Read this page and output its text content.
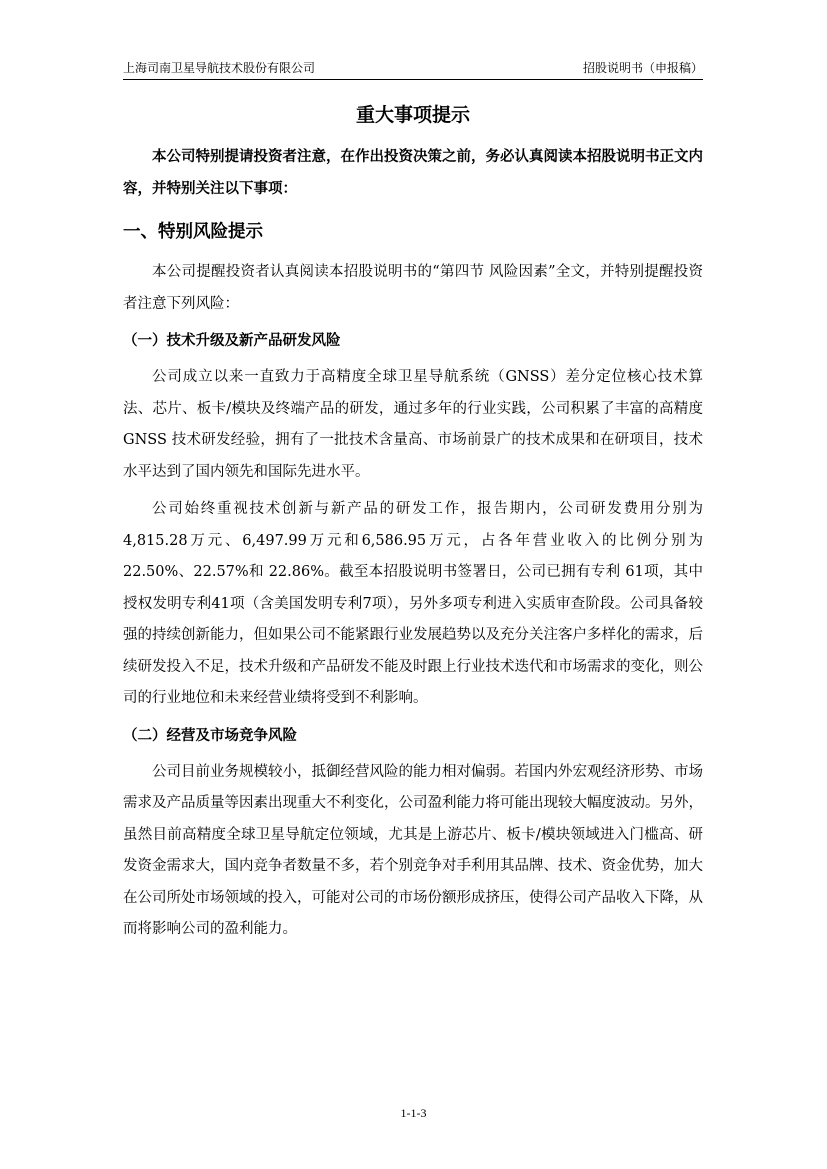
上海司南卫星导航技术股份有限公司	招股说明书（申报稿）
重大事项提示

本公司特别提请投资者注意，在作出投资决策之前，务必认真阅读本招股说明书正文内容，并特别关注以下事项：

一、特别风险提示

本公司提醒投资者认真阅读本招股说明书的“第四节 风险因素”全文，并特别提醒投资者注意下列风险：

（一）技术升级及新产品研发风险

公司成立以来一直致力于高精度全球卫星导航系统（GNSS）差分定位核心技术算法、芯片、板卡/模块及终端产品的研发，通过多年的行业实践，公司积累了丰富的高精度 GNSS 技术研发经验，拥有了一批技术含量高、市场前景广的技术成果和在研项目，技术水平达到了国内领先和国际先进水平。

公司始终重视技术创新与新产品的研发工作，报告期内，公司研发费用分别为4,815.28万元、6,497.99万元和6,586.95万元，占各年营业收入的比例分别为 22.50%、22.57%和 22.86%。截至本招股说明书签署日，公司已拥有专利 61项，其中授权发明专利41项（含美国发明专利7项），另外多项专利进入实质审查阶段。公司具备较强的持续创新能力，但如果公司不能紧跟行业发展趋势以及充分关注客户多样化的需求，后续研发投入不足，技术升级和产品研发不能及时跟上行业技术迭代和市场需求的变化，则公司的行业地位和未来经营业绩将受到不利影响。

（二）经营及市场竞争风险

公司目前业务规模较小，抵御经营风险的能力相对偏弱。若国内外宏观经济形势、市场需求及产品质量等因素出现重大不利变化，公司盈利能力将可能出现较大幅度波动。另外，虽然目前高精度全球卫星导航定位领域，尤其是上游芯片、板卡/模块领域进入门槛高、研发资金需求大，国内竞争者数量不多，若个别竞争对手利用其品牌、技术、资金优势，加大在公司所处市场领域的投入，可能对公司的市场份额形成挤压，使得公司产品收入下降，从而将影响公司的盈利能力。

1-1-3
